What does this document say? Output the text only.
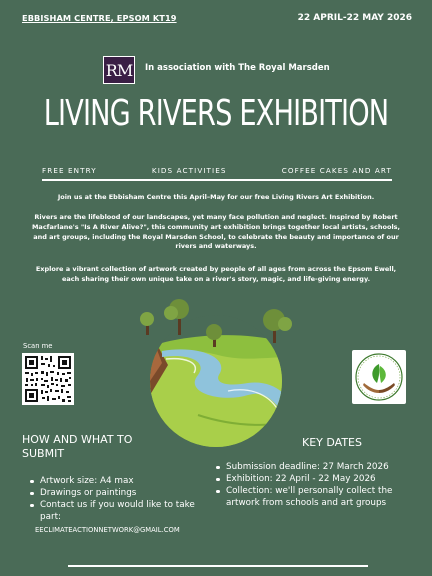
EBBISHAM CENTRE, EPSOM KT19	22 APRIL-22 MAY 2026
RM In association with The Royal Marsden
LIVING RIVERS EXHIBITION
FREE ENTRY	KIDS ACTIVITIES	COFFEE CAKES AND ART
Join us at the Ebbisham Centre this April–May for our free Living Rivers Art Exhibition.
Rivers are the lifeblood of our landscapes, yet many face pollution and neglect. Inspired by Robert Macfarlane's "Is A River Alive?", this community art exhibition brings together local artists, schools, and art groups, including the Royal Marsden School, to celebrate the beauty and importance of our rivers and waterways.
Explore a vibrant collection of artwork created by people of all ages from across the Epsom Ewell, each sharing their own unique take on a river's story, magic, and life-giving energy.
Scan me
HOW AND WHAT TO SUBMIT
KEY DATES
Artwork size: A4 max
Drawings or paintings
Contact us if you would like to take part:
EECLIMATEACTIONNETWORK@GMAIL.COM
Submission deadline: 27 March 2026
Exhibition: 22 April - 22 May 2026
Collection: we'll personally collect the artwork from schools and art groups
